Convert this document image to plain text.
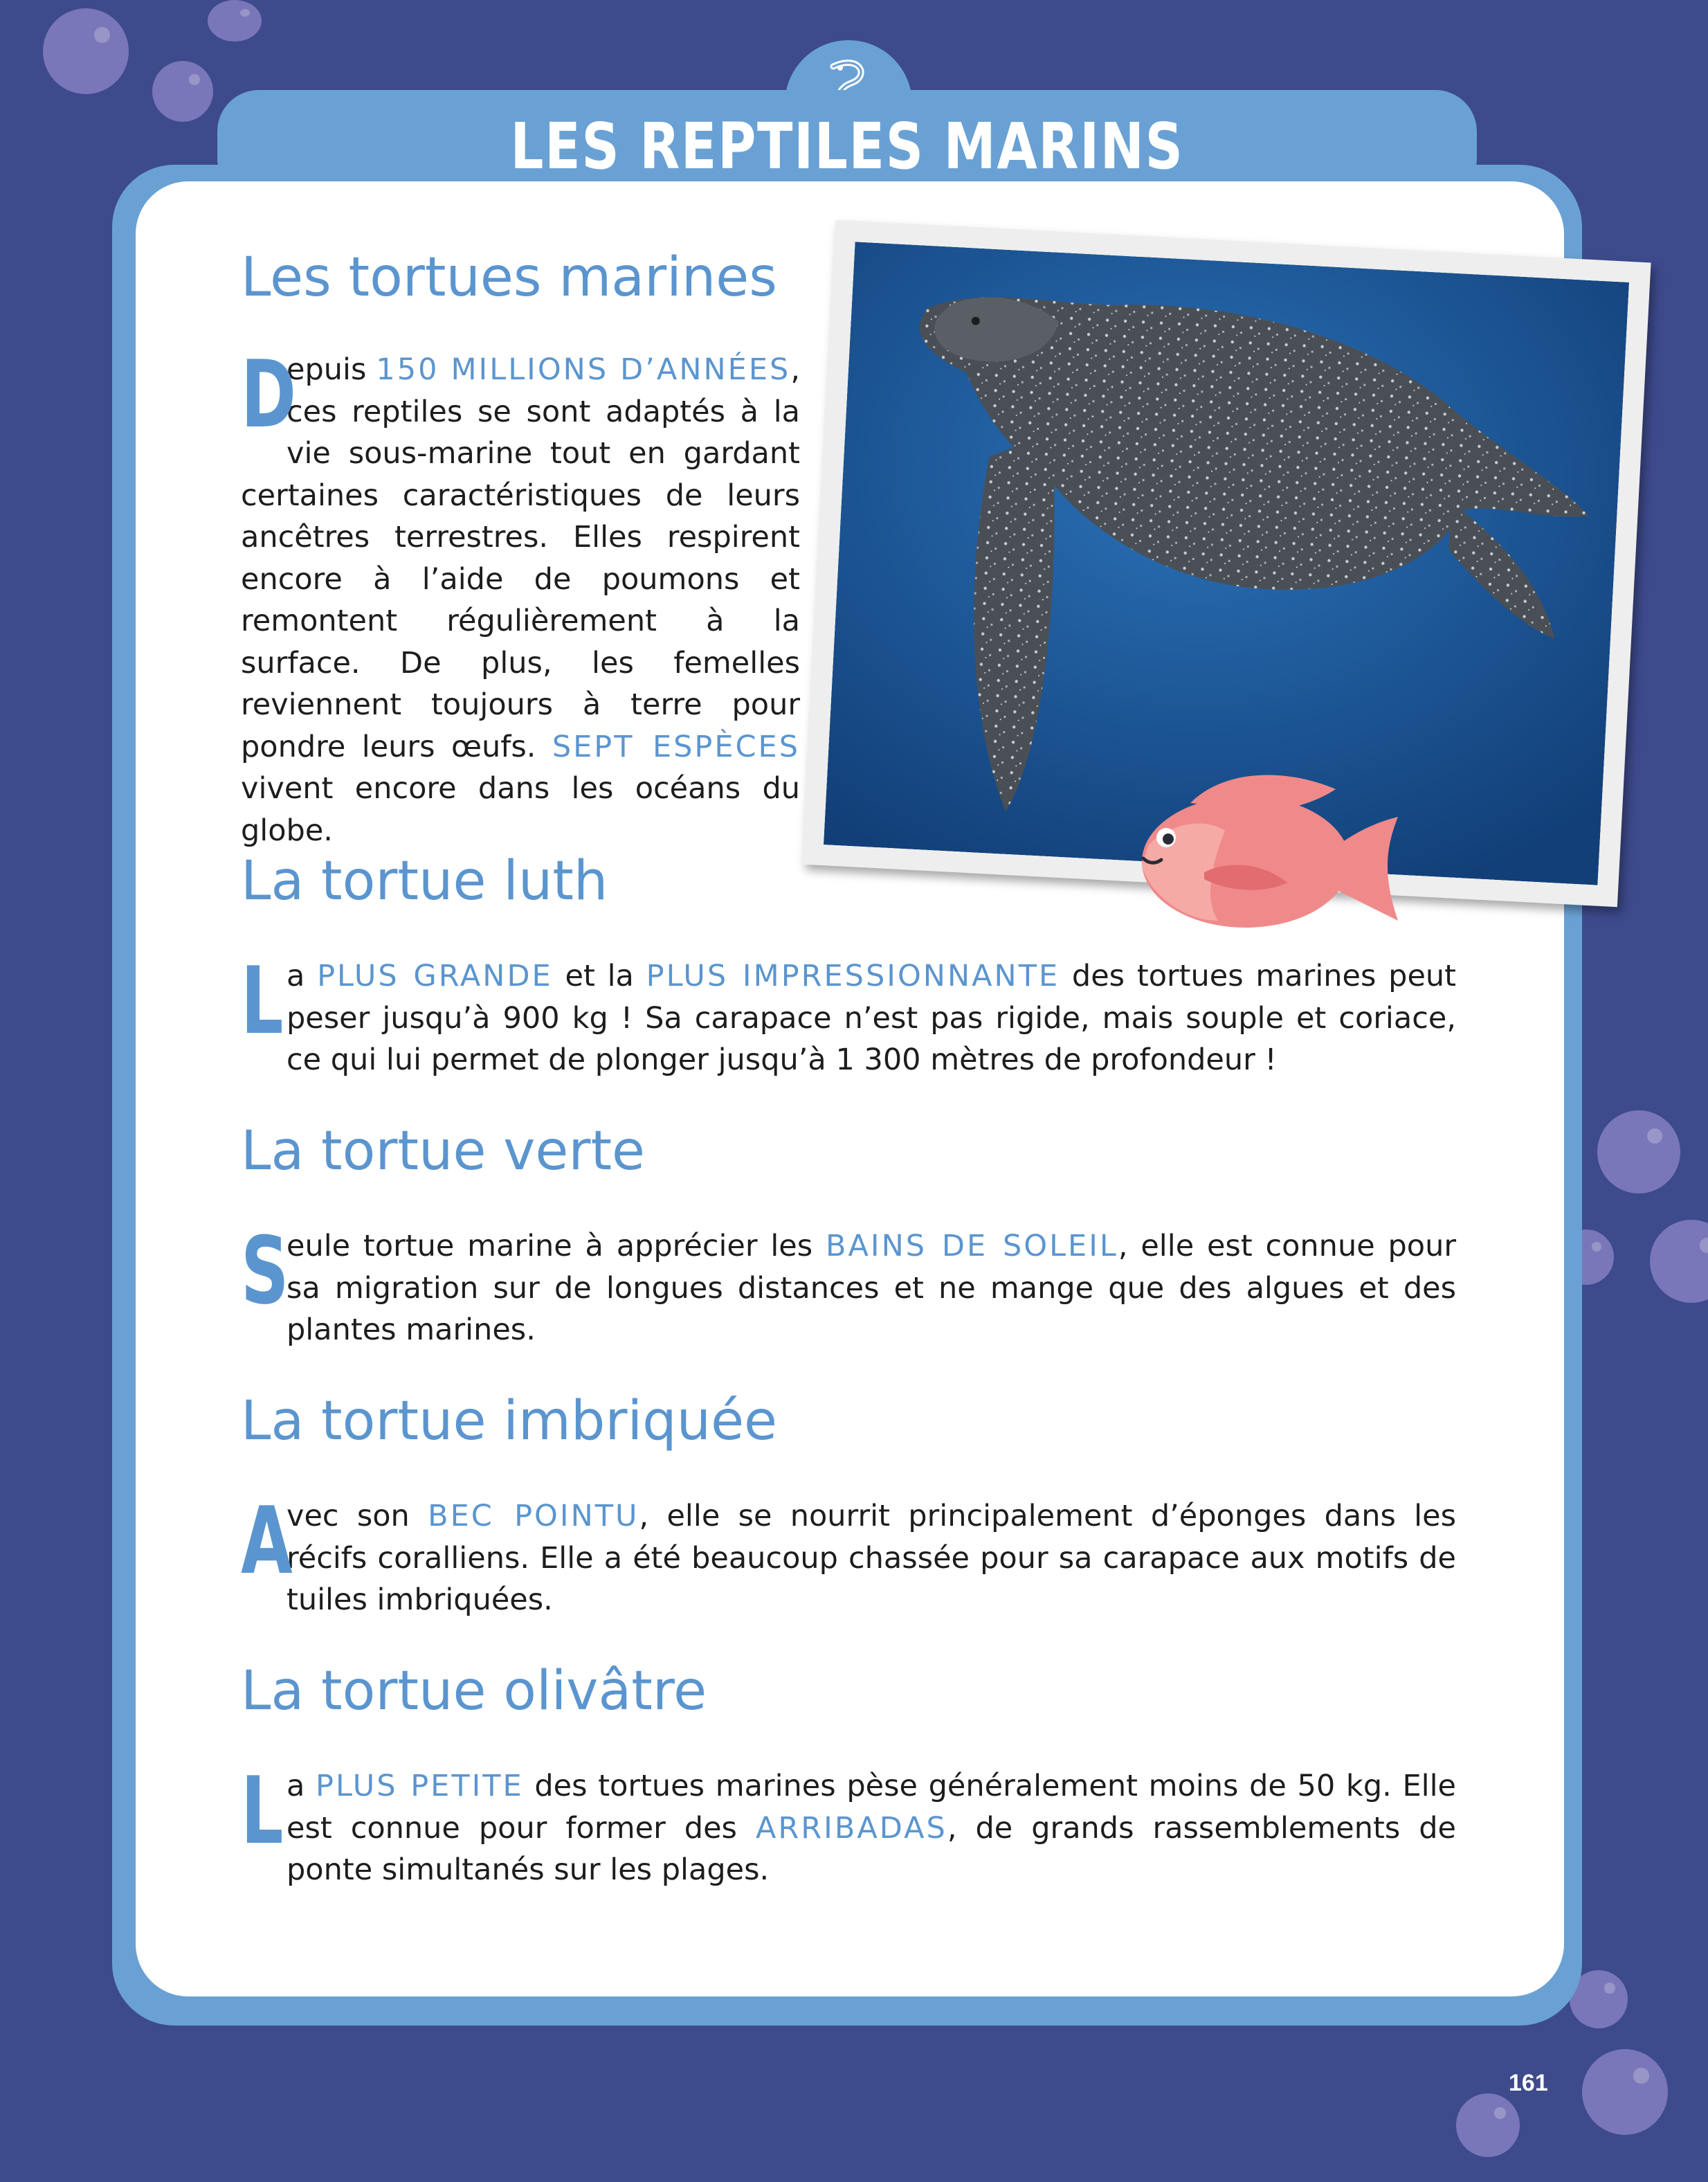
LES REPTILES MARINS
Les tortues marines

D
epuis 150 MILLIONS D’ANNÉES, ces reptiles se sont adaptés à la vie sous-marine tout en gardant certaines caractéristiques de leurs ancêtres terrestres. Elles respirent encore à l’aide de poumons et remontent régulièrement à la surface. De plus, les femelles reviennent toujours à terre pour pondre leurs œufs. SEPT ESPÈCES vivent encore dans les océans du globe.

La tortue luth

La PLUS GRANDE et la PLUS IMPRESSIONNANTE des tortues marines peut peser jusqu’à 900 kg ! Sa carapace n’est pas rigide, mais souple et coriace, ce qui lui permet de plonger jusqu’à 1 300 mètres de profondeur !

La tortue verte

S
eule tortue marine à apprécier les BAINS DE SOLEIL, elle est connue pour sa migration sur de longues distances et ne mange que des algues et des plantes marines.

La tortue imbriquée

A
vec son BEC POINTU, elle se nourrit principalement d’éponges dans les récifs coralliens. Elle a été beaucoup chassée pour sa carapace aux motifs de tuiles imbriquées.

La tortue olivâtre

La PLUS PETITE des tortues marines pèse généralement moins de 50 kg. Elle est connue pour former des ARRIBADAS, de grands rassemblements de ponte simultanés sur les plages.

161
